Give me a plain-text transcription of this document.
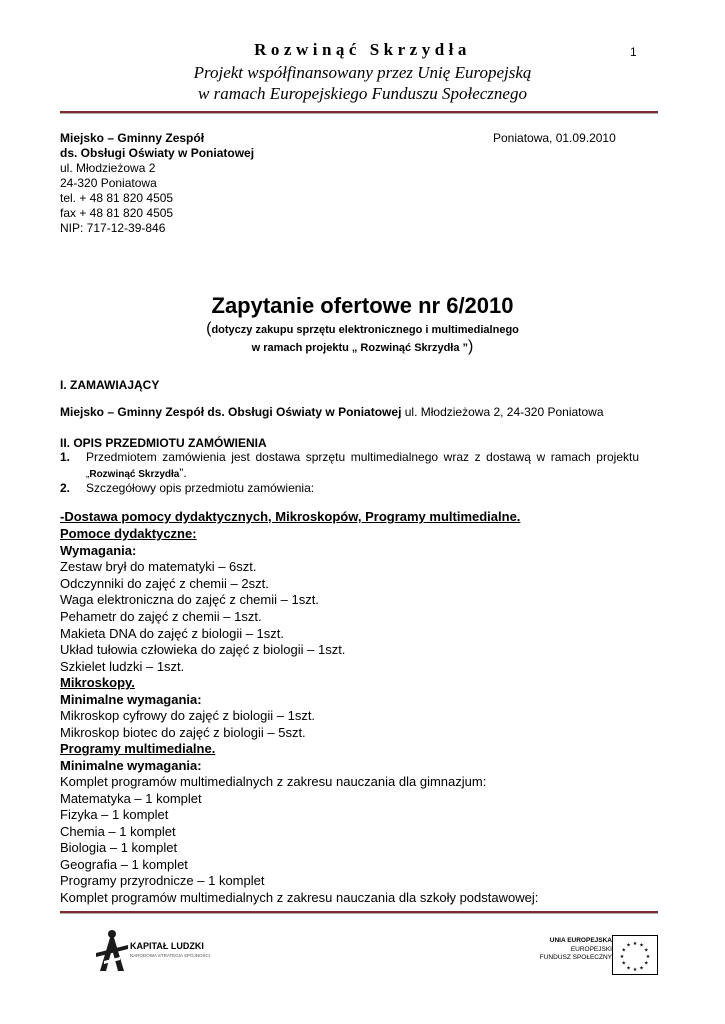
Rozwinąć Skrzydła
Projekt współfinansowany przez Unię Europejską
w ramach Europejskiego Funduszu Społecznego
1
Miejsko – Gminny Zespół
ds. Obsługi Oświaty w Poniatowej
ul. Młodzieżowa 2
24-320 Poniatowa
tel. + 48 81 820 4505
fax + 48 81 820 4505
NIP: 717-12-39-846
Poniatowa, 01.09.2010
Zapytanie ofertowe nr 6/2010
(dotyczy zakupu sprzętu elektronicznego i multimedialnego
w ramach projektu „ Rozwinąć Skrzydła ”)
I. ZAMAWIAJĄCY
Miejsko – Gminny Zespół ds. Obsługi Oświaty w Poniatowej ul. Młodzieżowa 2, 24-320 Poniatowa
II. OPIS PRZEDMIOTU ZAMÓWIENIA
1. Przedmiotem zamówienia jest dostawa sprzętu multimedialnego wraz z dostawą w ramach projektu
„Rozwinąć Skrzydła”.
2. Szczegółowy opis przedmiotu zamówienia:
-Dostawa pomocy dydaktycznych, Mikroskopów, Programy multimedialne.
Pomoce dydaktyczne:
Wymagania:
Zestaw brył do matematyki – 6szt.
Odczynniki do zajęć z chemii – 2szt.
Waga elektroniczna do zajęć z chemii – 1szt.
Pehametr do zajęć z chemii – 1szt.
Makieta DNA do zajęć z biologii – 1szt.
Układ tułowia człowieka do zajęć z biologii – 1szt.
Szkielet ludzki – 1szt.
Mikroskopy.
Minimalne wymagania:
Mikroskop cyfrowy do zajęć z biologii – 1szt.
Mikroskop biotec do zajęć z biologii – 5szt.
Programy multimedialne.
Minimalne wymagania:
Komplet programów multimedialnych z zakresu nauczania dla gimnazjum:
Matematyka – 1 komplet
Fizyka – 1 komplet
Chemia – 1 komplet
Biologia – 1 komplet
Geografia – 1 komplet
Programy przyrodnicze – 1 komplet
Komplet programów multimedialnych z zakresu nauczania dla szkoły podstawowej:
KAPITAŁ LUDZKI
NARODOWA STRATEGIA SPÓJNOŚCI
UNIA EUROPEJSKA
EUROPEJSKI
FUNDUSZ SPOŁECZNY
★ ★
★
★
★
★
★
★
★
★
★
★
